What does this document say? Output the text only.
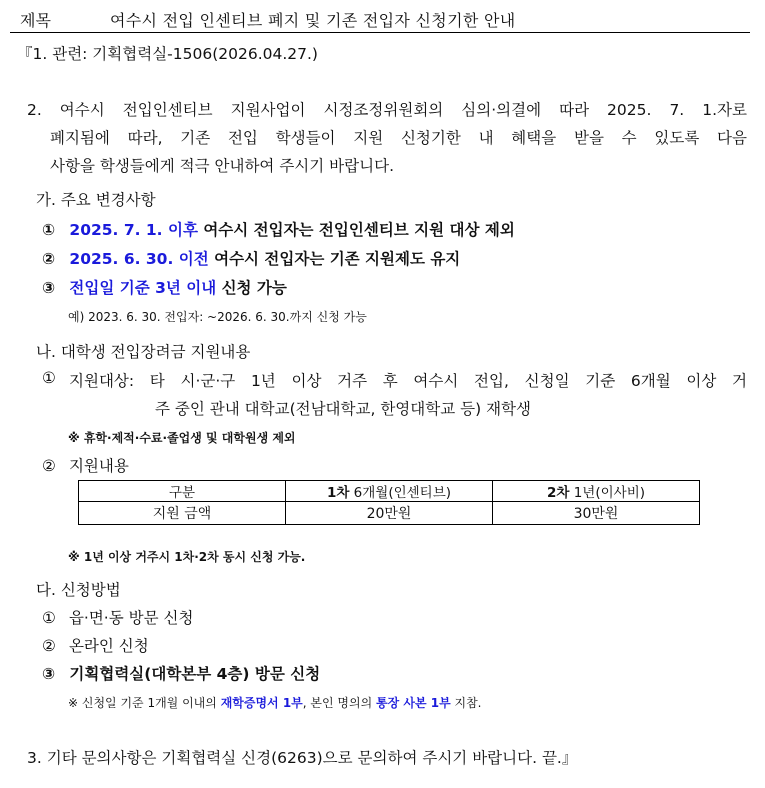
제목	여수시 전입 인센티브 폐지 및 기존 전입자 신청기한 안내
『1. 관련: 기획협력실-1506(2026.04.27.)
2. 여수시 전입인센티브 지원사업이 시정조정위원회의 심의·의결에 따라 2025. 7. 1.자로
폐지됨에 따라, 기존 전입 학생들이 지원 신청기한 내 혜택을 받을 수 있도록 다음
사항을 학생들에게 적극 안내하여 주시기 바랍니다.
가. 주요 변경사항
① 2025. 7. 1. 이후 여수시 전입자는 전입인센티브 지원 대상 제외
② 2025. 6. 30. 이전 여수시 전입자는 기존 지원제도 유지
③ 전입일 기준 3년 이내 신청 가능
예) 2023. 6. 30. 전입자: ~2026. 6. 30.까지 신청 가능
나. 대학생 전입장려금 지원내용
① 지원대상: 타 시·군·구 1년 이상 거주 후 여수시 전입, 신청일 기준 6개월 이상 거
주 중인 관내 대학교(전남대학교, 한영대학교 등) 재학생
※ 휴학·제적·수료·졸업생 및 대학원생 제외
② 지원내용
구분	1차 6개월(인센티브)	2차 1년(이사비)
지원 금액	20만원	30만원
※ 1년 이상 거주시 1차·2차 동시 신청 가능.
다. 신청방법
① 읍·면·동 방문 신청
② 온라인 신청
③ 기획협력실(대학본부 4층) 방문 신청
※ 신청일 기준 1개월 이내의 재학증명서 1부, 본인 명의의 통장 사본 1부 지참.
3. 기타 문의사항은 기획협력실 신경(6263)으로 문의하여 주시기 바랍니다. 끝.』
